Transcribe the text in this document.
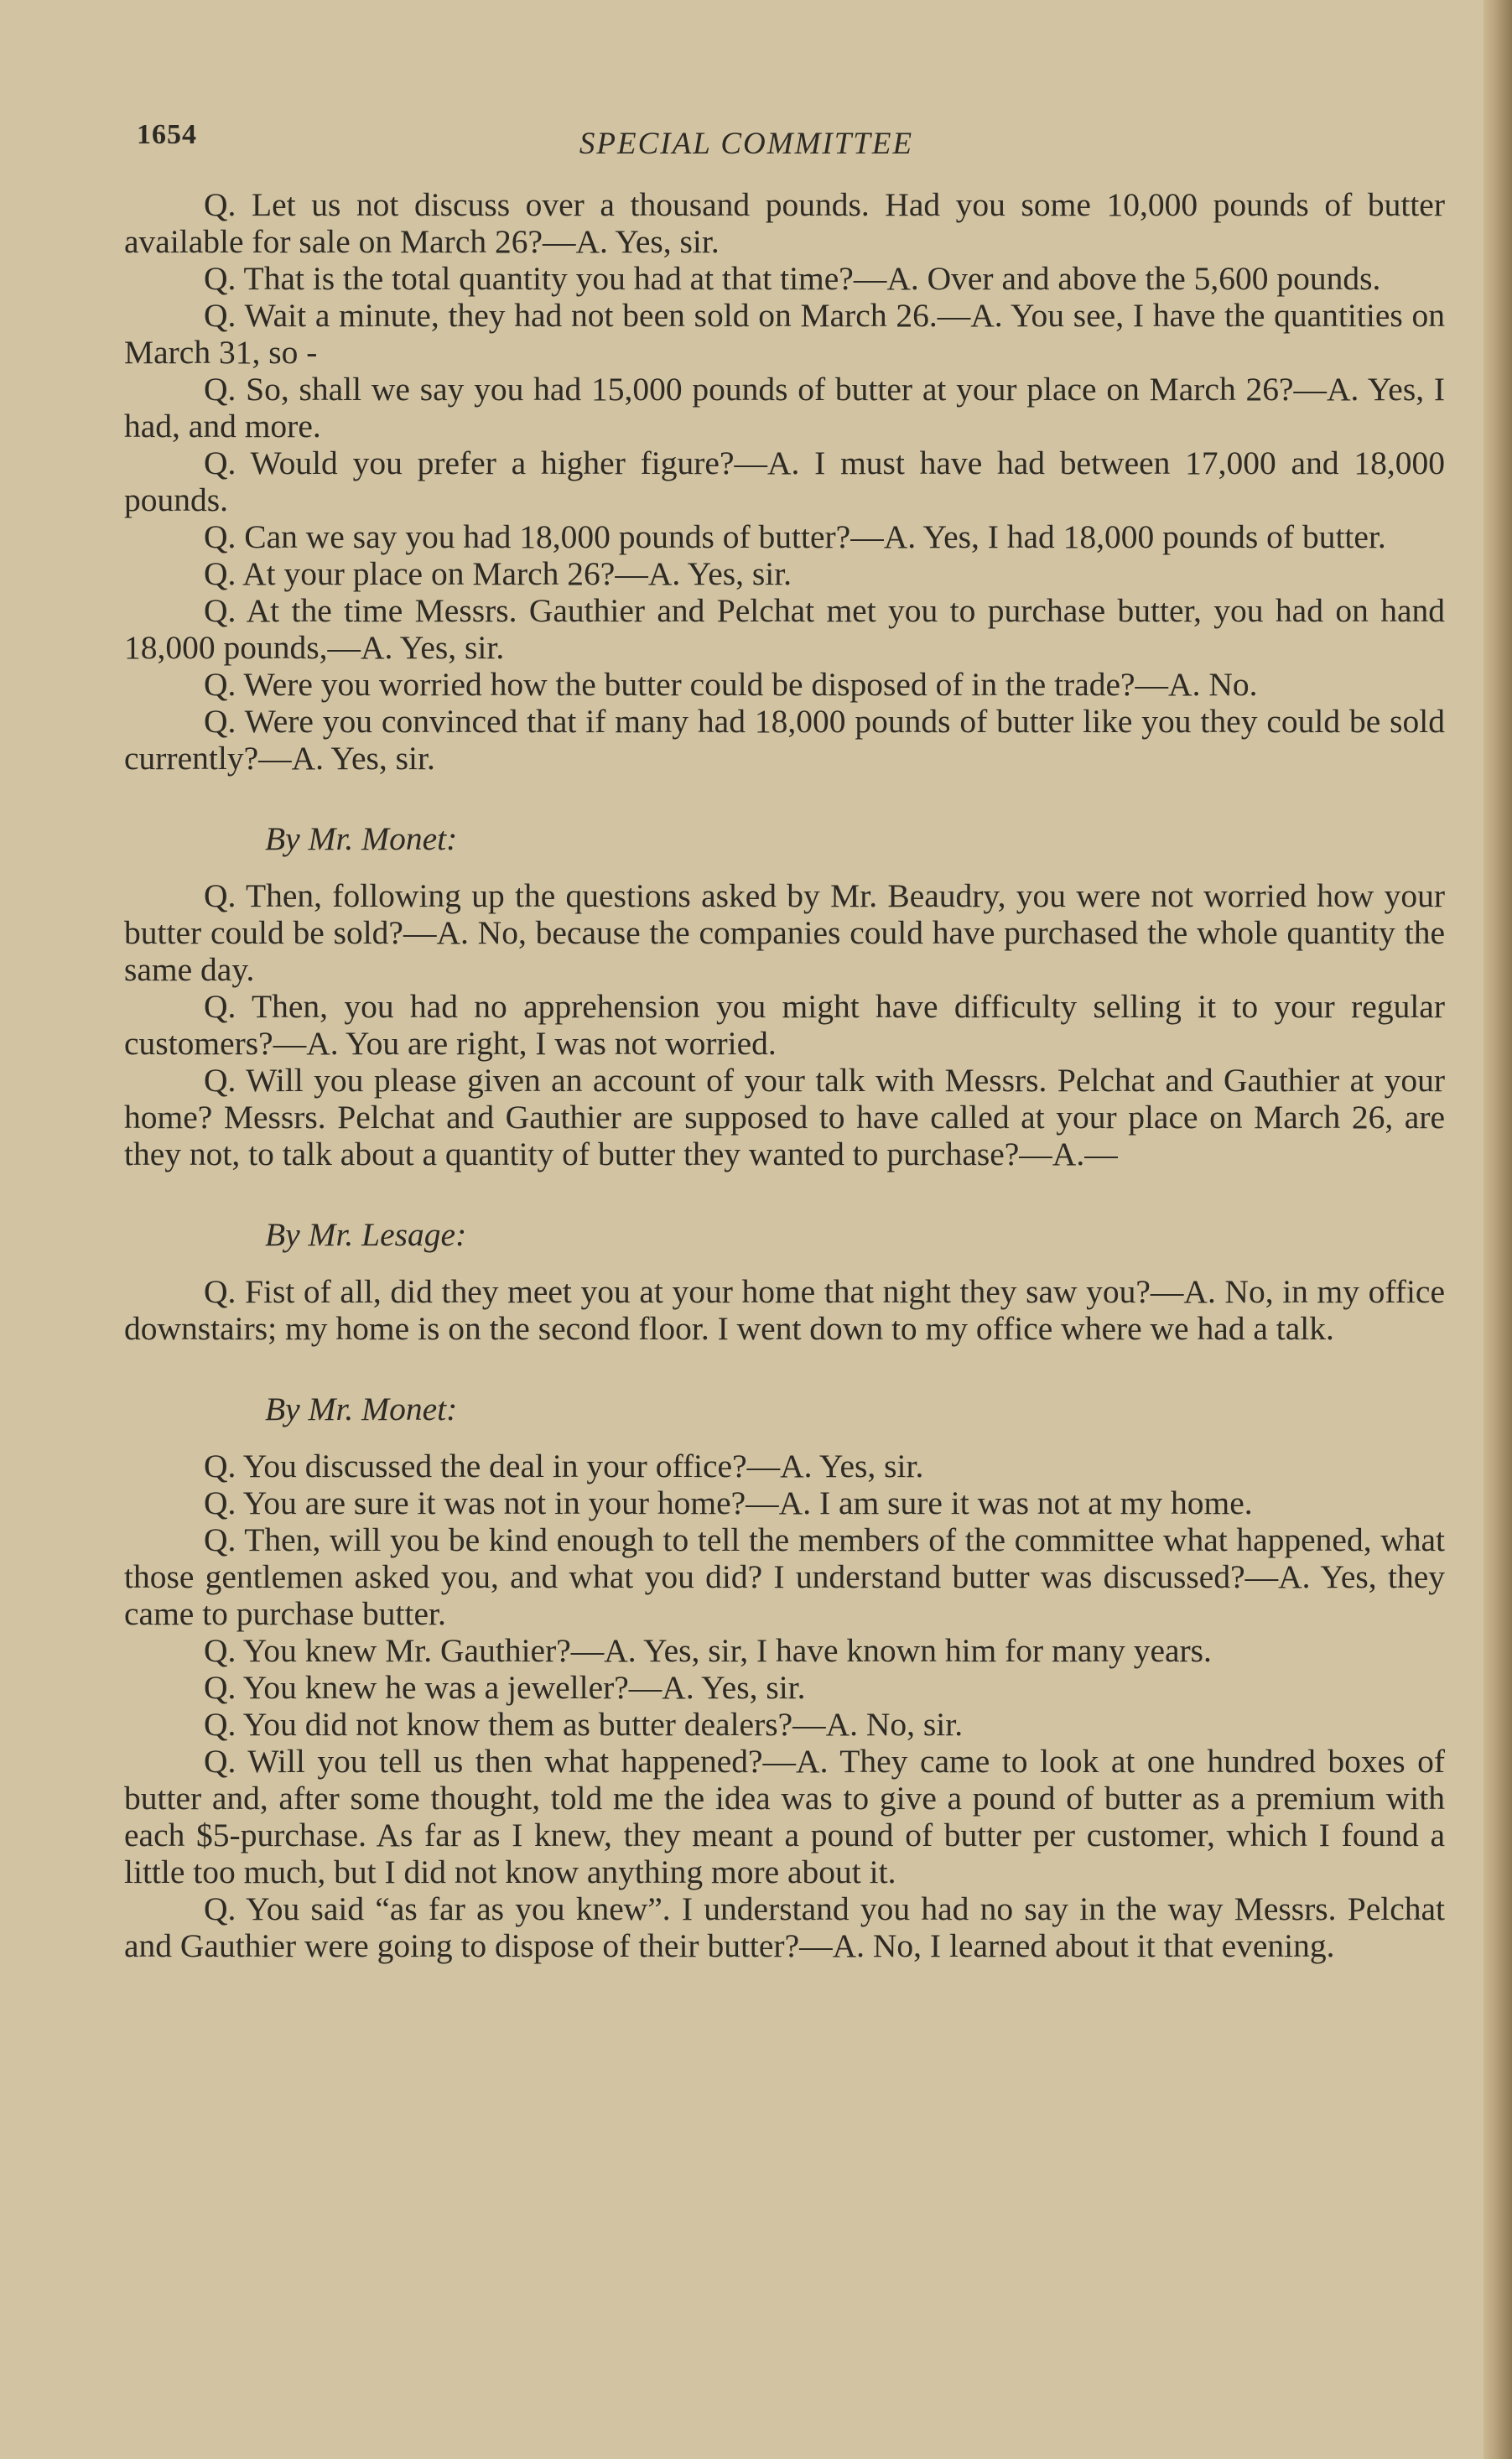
1654	SPECIAL COMMITTEE

Q. Let us not discuss over a thousand pounds. Had you some 10,000 pounds of butter available for sale on March 26?—A. Yes, sir.

Q. That is the total quantity you had at that time?—A. Over and above the 5,600 pounds.

Q. Wait a minute, they had not been sold on March 26.—A. You see, I have the quantities on March 31, so -

Q. So, shall we say you had 15,000 pounds of butter at your place on March 26?—A. Yes, I had, and more.

Q. Would you prefer a higher figure?—A. I must have had between 17,000 and 18,000 pounds.

Q. Can we say you had 18,000 pounds of butter?—A. Yes, I had 18,000 pounds of butter.

Q. At your place on March 26?—A. Yes, sir.

Q. At the time Messrs. Gauthier and Pelchat met you to purchase butter, you had on hand 18,000 pounds,—A. Yes, sir.

Q. Were you worried how the butter could be disposed of in the trade?—A. No.

Q. Were you convinced that if many had 18,000 pounds of butter like you they could be sold currently?—A. Yes, sir.

By Mr. Monet:

Q. Then, following up the questions asked by Mr. Beaudry, you were not worried how your butter could be sold?—A. No, because the companies could have purchased the whole quantity the same day.

Q. Then, you had no apprehension you might have difficulty selling it to your regular customers?—A. You are right, I was not worried.

Q. Will you please given an account of your talk with Messrs. Pelchat and Gauthier at your home? Messrs. Pelchat and Gauthier are supposed to have called at your place on March 26, are they not, to talk about a quantity of butter they wanted to purchase?—A.—

By Mr. Lesage:

Q. Fist of all, did they meet you at your home that night they saw you?—A. No, in my office downstairs; my home is on the second floor. I went down to my office where we had a talk.

By Mr. Monet:

Q. You discussed the deal in your office?—A. Yes, sir.

Q. You are sure it was not in your home?—A. I am sure it was not at my home.

Q. Then, will you be kind enough to tell the members of the committee what happened, what those gentlemen asked you, and what you did? I understand butter was discussed?—A. Yes, they came to purchase butter.

Q. You knew Mr. Gauthier?—A. Yes, sir, I have known him for many years.

Q. You knew he was a jeweller?—A. Yes, sir.

Q. You did not know them as butter dealers?—A. No, sir.

Q. Will you tell us then what happened?—A. They came to look at one hundred boxes of butter and, after some thought, told me the idea was to give a pound of butter as a premium with each $5-purchase. As far as I knew, they meant a pound of butter per customer, which I found a little too much, but I did not know anything more about it.

Q. You said “as far as you knew”. I understand you had no say in the way Messrs. Pelchat and Gauthier were going to dispose of their butter?—A. No, I learned about it that evening.
